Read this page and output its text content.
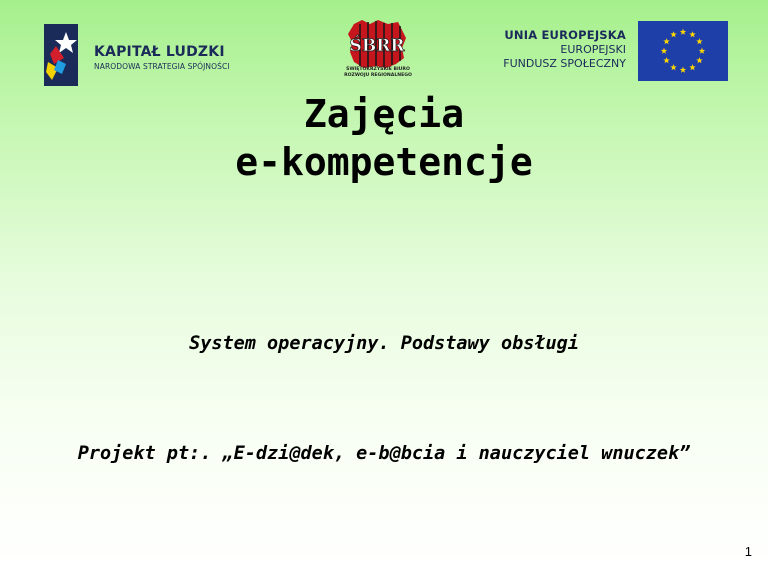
KAPITAŁ LUDZKI
NARODOWA STRATEGIA SPÓJNOŚCI
ŚBRR
ŚWIĘTOKRZYSKIE BIURO
ROZWOJU REGIONALNEGO
UNIA EUROPEJSKA
EUROPEJSKI
FUNDUSZ SPOŁECZNY
Zajęcia
e-kompetencje
System operacyjny. Podstawy obsługi
Projekt pt:. „E-dzi@dek, e-b@bcia i nauczyciel wnuczek”
1
